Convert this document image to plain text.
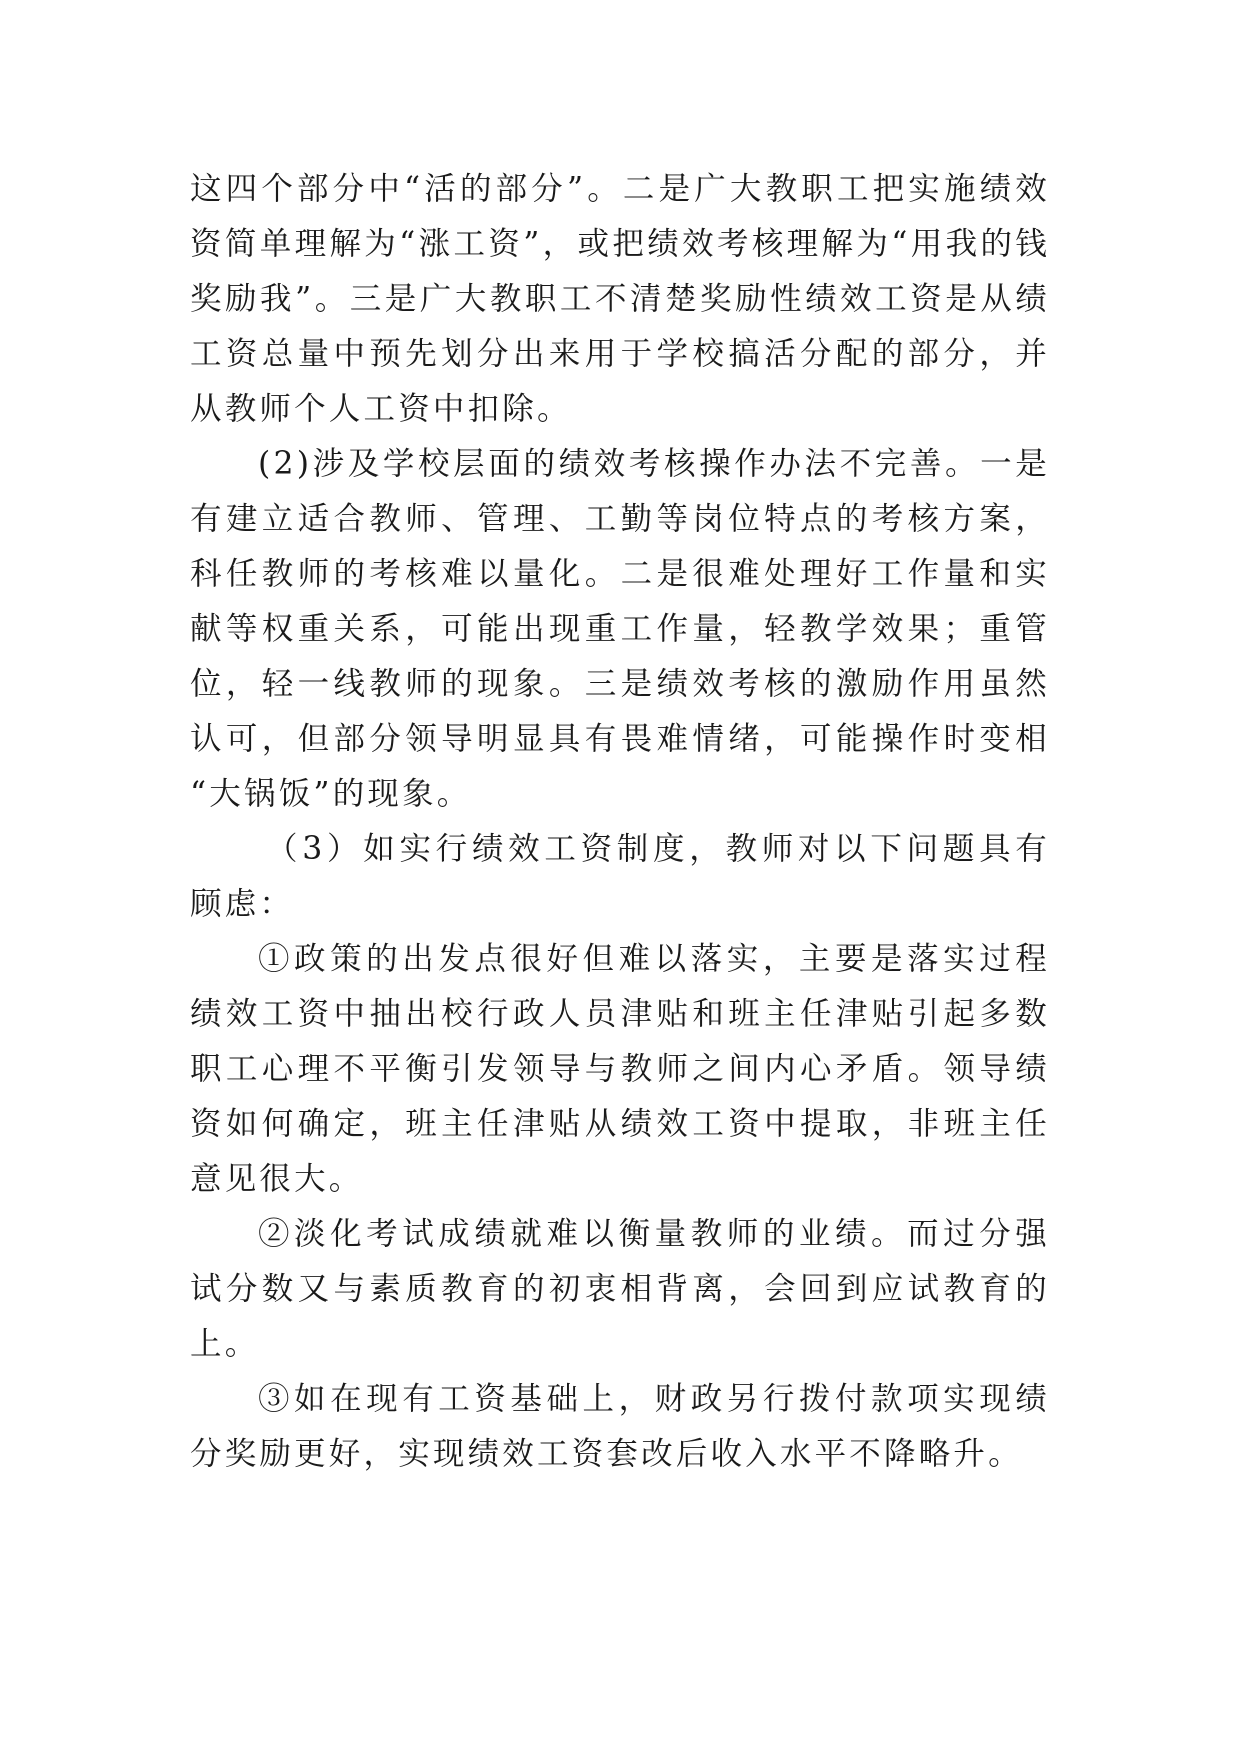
这四个部分中“活的部分”。二是广大教职工把实施绩效
资简单理解为“涨工资”，或把绩效考核理解为“用我的钱
奖励我”。三是广大教职工不清楚奖励性绩效工资是从绩
工资总量中预先划分出来用于学校搞活分配的部分，并
从教师个人工资中扣除。
(2)涉及学校层面的绩效考核操作办法不完善。一是
有建立适合教师、管理、工勤等岗位特点的考核方案，
科任教师的考核难以量化。二是很难处理好工作量和实
献等权重关系，可能出现重工作量，轻教学效果；重管
位，轻一线教师的现象。三是绩效考核的激励作用虽然
认可，但部分领导明显具有畏难情绪，可能操作时变相
“大锅饭”的现象。
（3）如实行绩效工资制度，教师对以下问题具有
顾虑：
①政策的出发点很好但难以落实，主要是落实过程
绩效工资中抽出校行政人员津贴和班主任津贴引起多数
职工心理不平衡引发领导与教师之间内心矛盾。领导绩
资如何确定，班主任津贴从绩效工资中提取，非班主任
意见很大。
②淡化考试成绩就难以衡量教师的业绩。而过分强
试分数又与素质教育的初衷相背离，会回到应试教育的
上。
③如在现有工资基础上，财政另行拨付款项实现绩
分奖励更好，实现绩效工资套改后收入水平不降略升。
